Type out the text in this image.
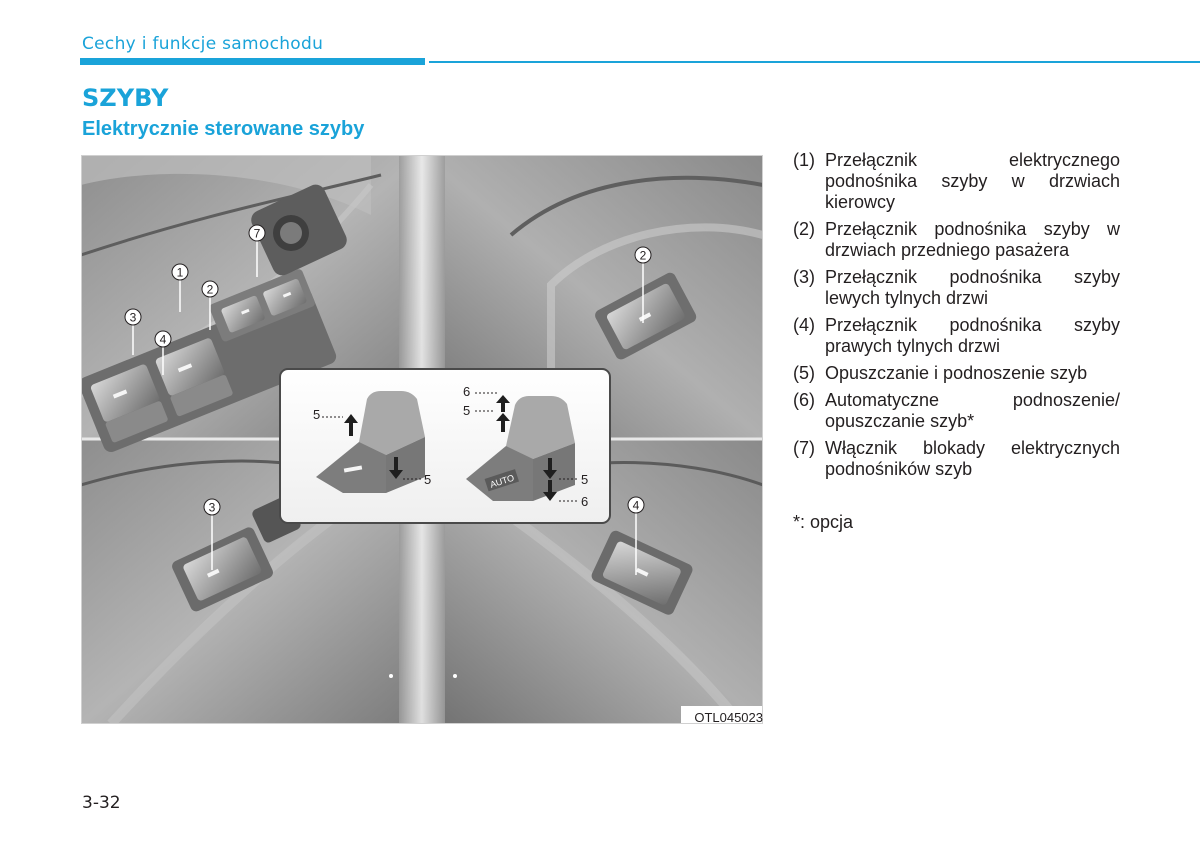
Cechy i funkcje samochodu
SZYBY
Elektrycznie sterowane szyby
1
2
3
4
7
2
3	4
5
5	AUTO
6
5
5
6
OTL045023
(1) Przełącznik elektrycznego podnośnika szyby w drzwiach kierowcy
(2) Przełącznik podnośnika szyby w drzwiach przedniego pasażera
(3) Przełącznik podnośnika szyby lewych tylnych drzwi
(4) Przełącznik podnośnika szyby prawych tylnych drzwi
(5) Opuszczanie i podnoszenie szyb
(6) Automatyczne podnoszenie/ opuszczanie szyb*
(7) Włącznik blokady elektrycznych podnośników szyb
*: opcja
3-32
